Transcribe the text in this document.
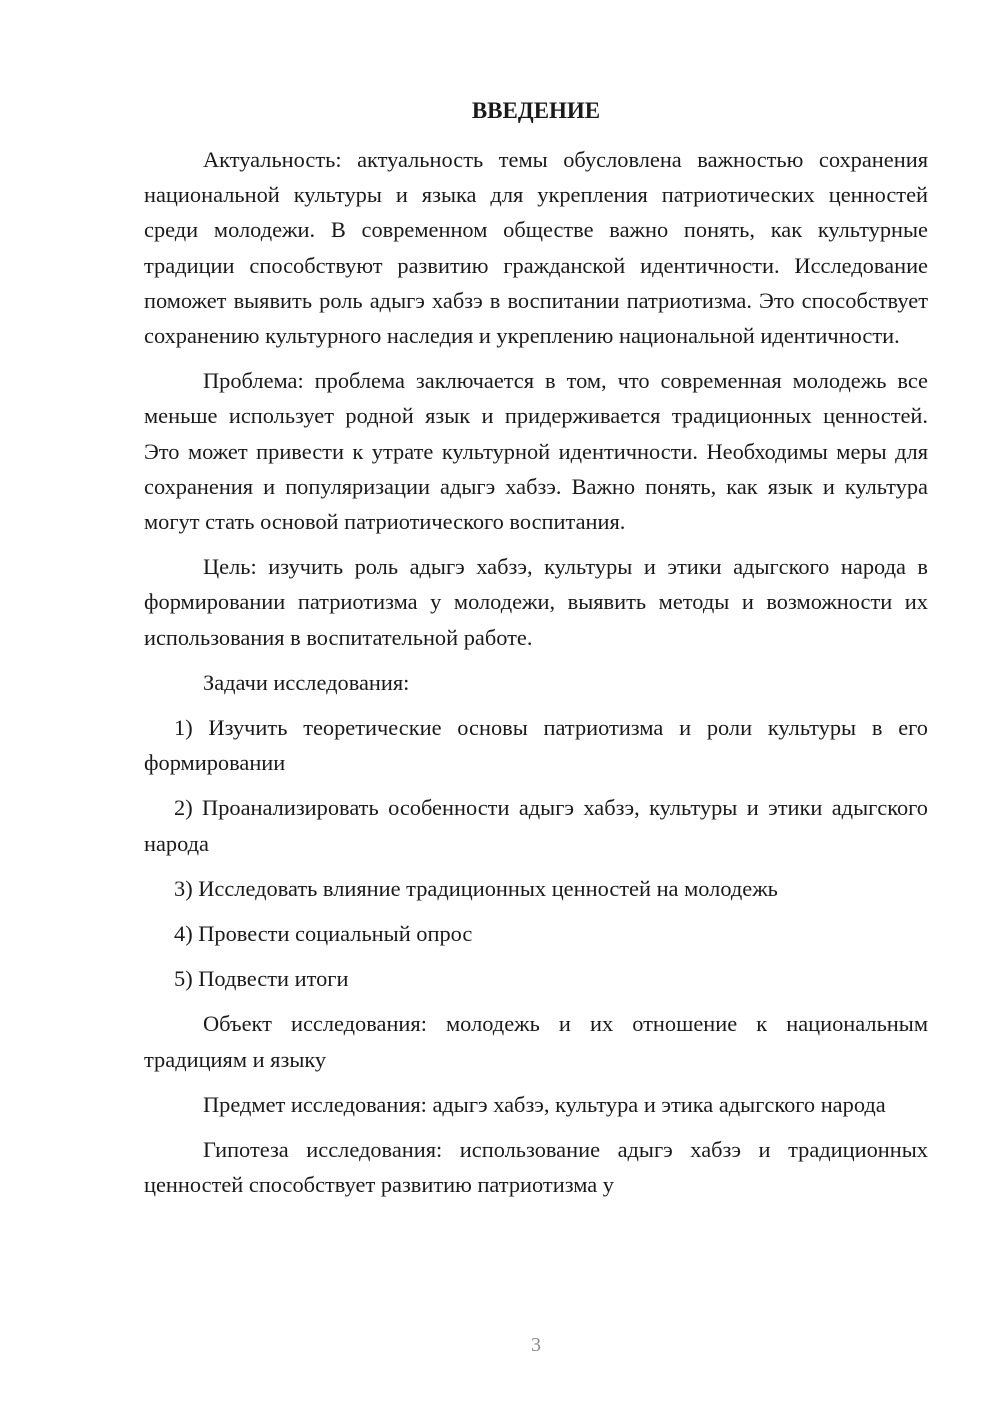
ВВЕДЕНИЕ

Актуальность: актуальность темы обусловлена важностью сохранения национальной культуры и языка для укрепления патриотических ценностей среди молодежи. В современном обществе важно понять, как культурные традиции способствуют развитию гражданской идентичности. Исследование поможет выявить роль адыгэ хабзэ в воспитании патриотизма. Это способствует сохранению культурного наследия и укреплению национальной идентичности.

Проблема: проблема заключается в том, что современная молодежь все меньше использует родной язык и придерживается традиционных ценностей. Это может привести к утрате культурной идентичности. Необходимы меры для сохранения и популяризации адыгэ хабзэ. Важно понять, как язык и культура могут стать основой патриотического воспитания.

Цель: изучить роль адыгэ хабзэ, культуры и этики адыгского народа в формировании патриотизма у молодежи, выявить методы и возможности их использования в воспитательной работе.

Задачи исследования:

1) Изучить теоретические основы патриотизма и роли культуры в его формировании

2) Проанализировать особенности адыгэ хабзэ, культуры и этики адыгского народа

3) Исследовать влияние традиционных ценностей на молодежь

4) Провести социальный опрос

5) Подвести итоги

Объект исследования: молодежь и их отношение к национальным традициям и языку

Предмет исследования: адыгэ хабзэ, культура и этика адыгского народа

Гипотеза исследования: использование адыгэ хабзэ и традиционных ценностей способствует развитию патриотизма у

3
